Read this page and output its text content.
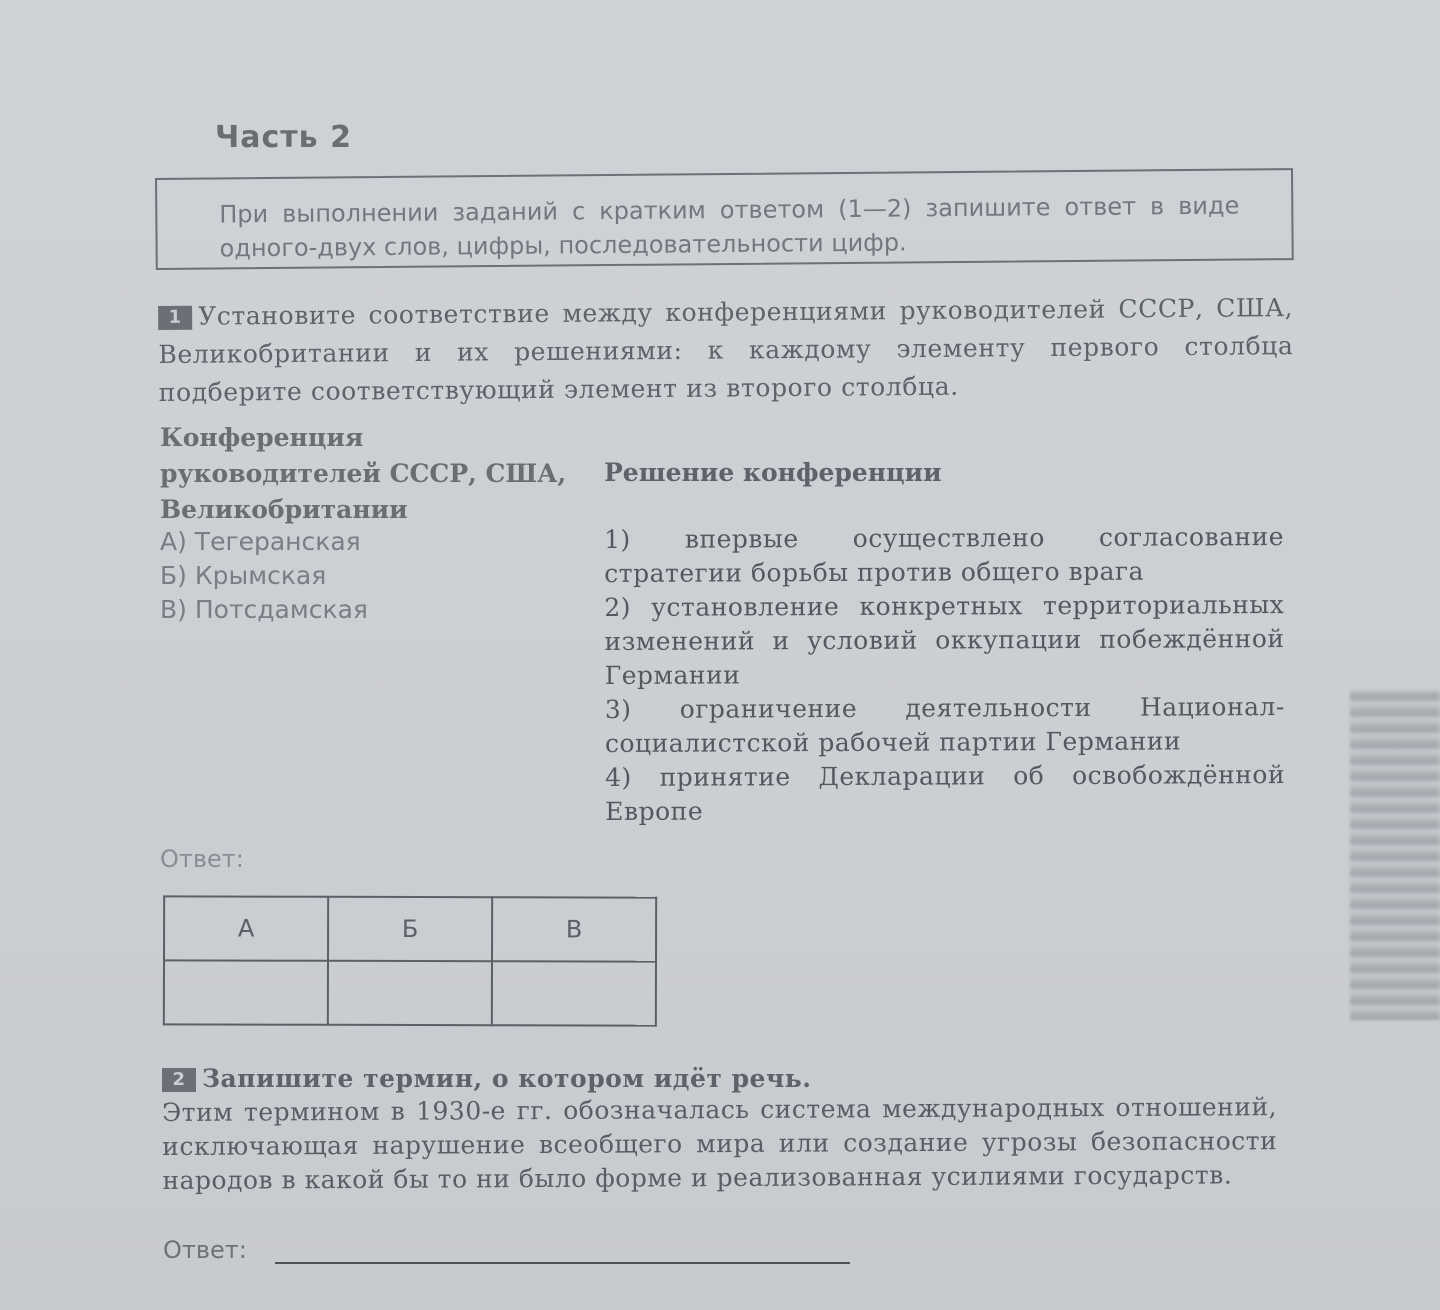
Часть 2
При выполнении заданий с кратким ответом (1—2) запишите ответ в виде одного-двух слов, цифры, последовательности цифр.
1 Установите соответствие между конференциями руководителей СССР, США, Великобритании и их решениями: к каждому элементу первого столбца подберите соответствующий элемент из второго столбца.
Конференция руководителей СССР, США, Великобритании
Решение конференции
А) Тегеранская
Б) Крымская
В) Потсдамская

1) впервые осуществлено согласование стратегии борьбы против общего врага

2) установление конкретных территориальных изменений и условий оккупации побеждённой Германии

3) ограничение деятельности Национал-социалистской рабочей партии Германии

4) принятие Декларации об освобождённой Европе

Ответ:
А	Б	В

2 Запишите термин, о котором идёт речь.
Этим термином в 1930-е гг. обозначалась система международных отношений, исключающая нарушение всеобщего мира или создание угрозы безопасности народов в какой бы то ни было форме и реализованная усилиями государств.
Ответ:
